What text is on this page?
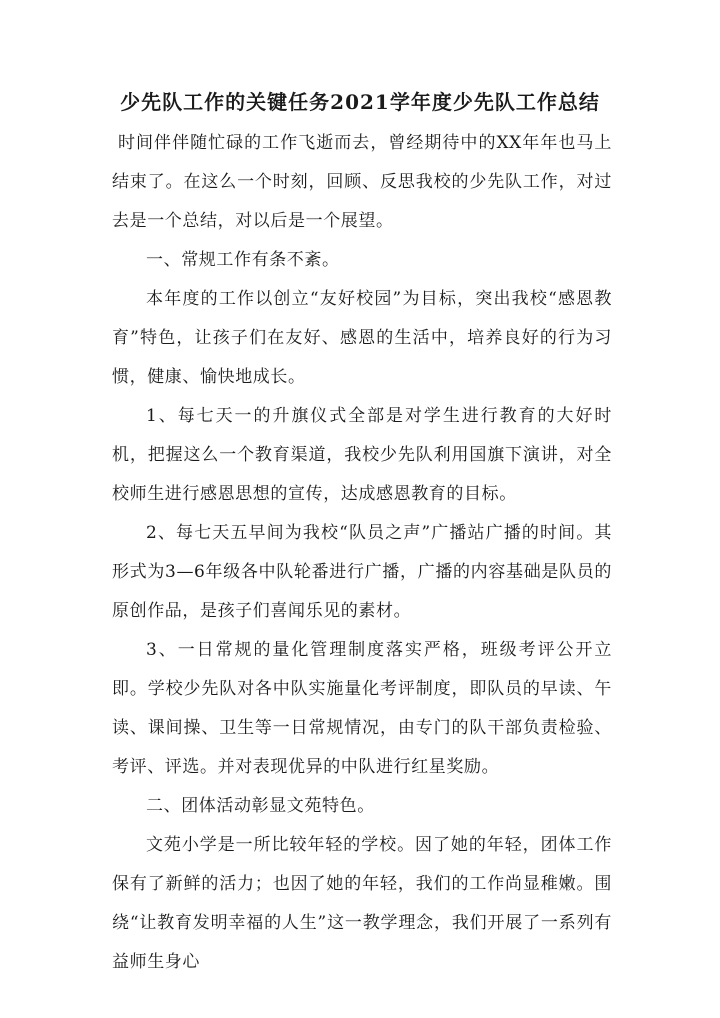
少先队工作的关键任务2021学年度少先队工作总结

时间伴伴随忙碌的工作飞逝而去，曾经期待中的XX年年也马上结束了。在这么一个时刻，回顾、反思我校的少先队工作，对过去是一个总结，对以后是一个展望。

一、常规工作有条不紊。

本年度的工作以创立“友好校园”为目标，突出我校“感恩教育”特色，让孩子们在友好、感恩的生活中，培养良好的行为习惯，健康、愉快地成长。

1、每七天一的升旗仪式全部是对学生进行教育的大好时机，把握这么一个教育渠道，我校少先队利用国旗下演讲，对全校师生进行感恩思想的宣传，达成感恩教育的目标。

2、每七天五早间为我校“队员之声”广播站广播的时间。其形式为3—6年级各中队轮番进行广播，广播的内容基础是队员的原创作品，是孩子们喜闻乐见的素材。

3、一日常规的量化管理制度落实严格，班级考评公开立即。学校少先队对各中队实施量化考评制度，即队员的早读、午读、课间操、卫生等一日常规情况，由专门的队干部负责检验、考评、评选。并对表现优异的中队进行红星奖励。

二、团体活动彰显文苑特色。

文苑小学是一所比较年轻的学校。因了她的年轻，团体工作保有了新鲜的活力；也因了她的年轻，我们的工作尚显稚嫩。围绕“让教育发明幸福的人生”这一教学理念，我们开展了一系列有益师生身心
